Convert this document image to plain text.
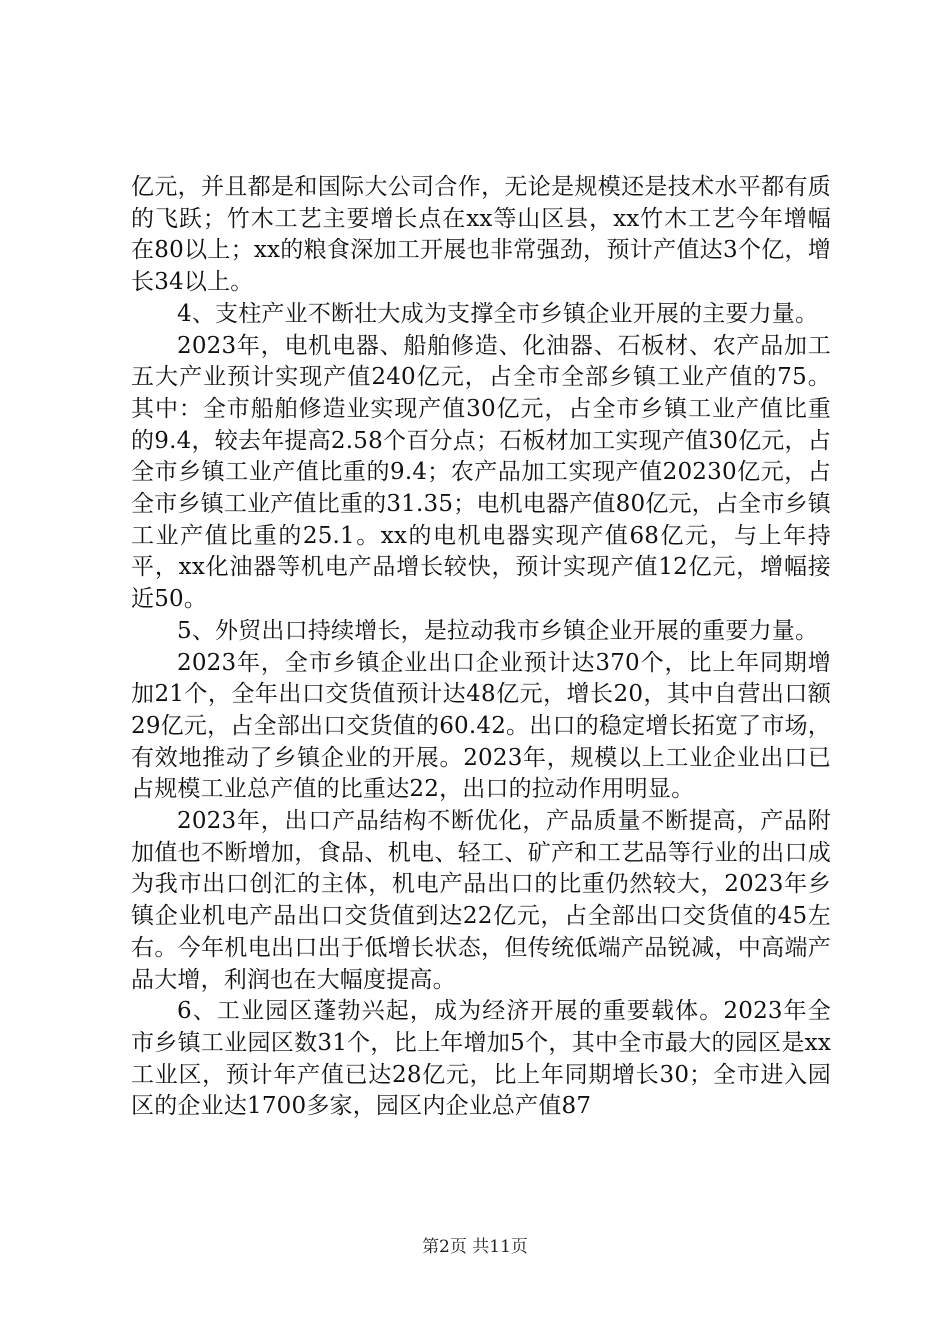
亿元，并且都是和国际大公司合作，无论是规模还是技术水平都有质的飞跃；竹木工艺主要增长点在xx等山区县，xx竹木工艺今年增幅在80以上；xx的粮食深加工开展也非常强劲，预计产值达3个亿，增长34以上。

4、支柱产业不断壮大成为支撑全市乡镇企业开展的主要力量。

2023年，电机电器、船舶修造、化油器、石板材、农产品加工五大产业预计实现产值240亿元，占全市全部乡镇工业产值的75。其中：全市船舶修造业实现产值30亿元，占全市乡镇工业产值比重的9.4，较去年提高2.58个百分点；石板材加工实现产值30亿元，占全市乡镇工业产值比重的9.4；农产品加工实现产值20230亿元，占全市乡镇工业产值比重的31.35；电机电器产值80亿元，占全市乡镇工业产值比重的25.1。xx的电机电器实现产值68亿元，与上年持平，xx化油器等机电产品增长较快，预计实现产值12亿元，增幅接近50。

5、外贸出口持续增长，是拉动我市乡镇企业开展的重要力量。

2023年，全市乡镇企业出口企业预计达370个，比上年同期增加21个，全年出口交货值预计达48亿元，增长20，其中自营出口额29亿元，占全部出口交货值的60.42。出口的稳定增长拓宽了市场，有效地推动了乡镇企业的开展。2023年，规模以上工业企业出口已占规模工业总产值的比重达22，出口的拉动作用明显。

2023年，出口产品结构不断优化，产品质量不断提高，产品附加值也不断增加，食品、机电、轻工、矿产和工艺品等行业的出口成为我市出口创汇的主体，机电产品出口的比重仍然较大，2023年乡镇企业机电产品出口交货值到达22亿元，占全部出口交货值的45左右。今年机电出口出于低增长状态，但传统低端产品锐减，中高端产品大增，利润也在大幅度提高。

6、工业园区蓬勃兴起，成为经济开展的重要载体。2023年全市乡镇工业园区数31个，比上年增加5个，其中全市最大的园区是xx工业区，预计年产值已达28亿元，比上年同期增长30；全市进入园区的企业达1700多家，园区内企业总产值87

第2页 共11页
